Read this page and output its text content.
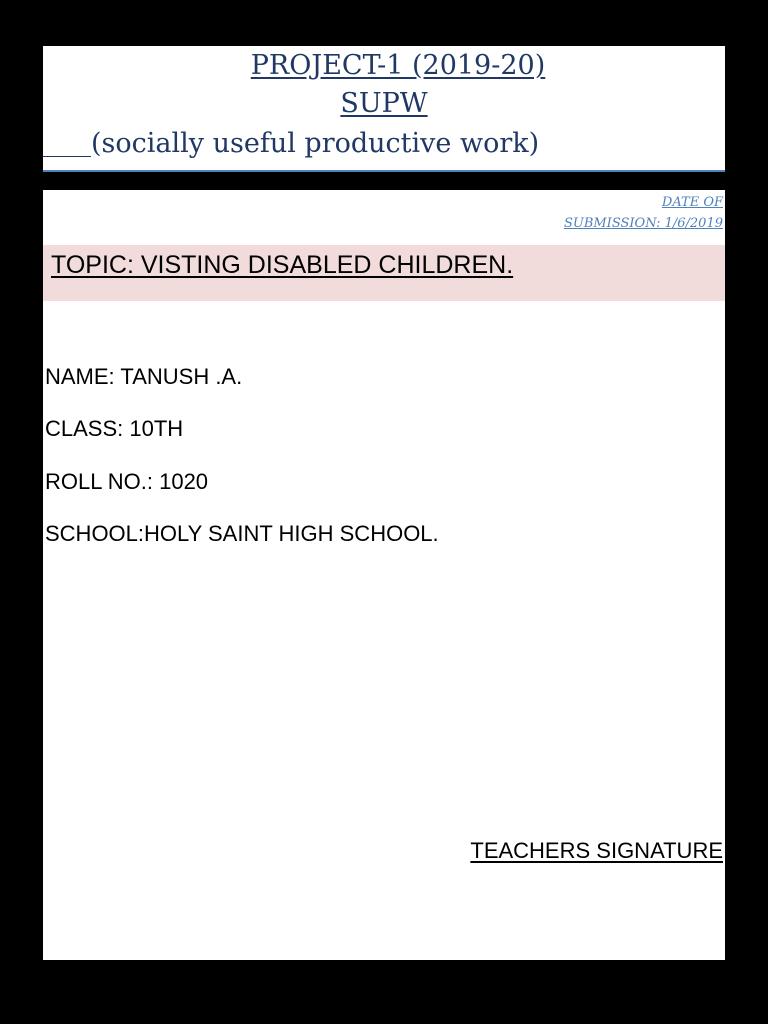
PROJECT-1 (2019-20)
SUPW
(socially useful productive work)
DATE OF
SUBMISSION: 1/6/2019
TOPIC: VISTING DISABLED CHILDREN.
NAME: TANUSH .A.
CLASS: 10TH
ROLL NO.: 1020
SCHOOL:HOLY SAINT HIGH SCHOOL.
TEACHERS SIGNATURE
